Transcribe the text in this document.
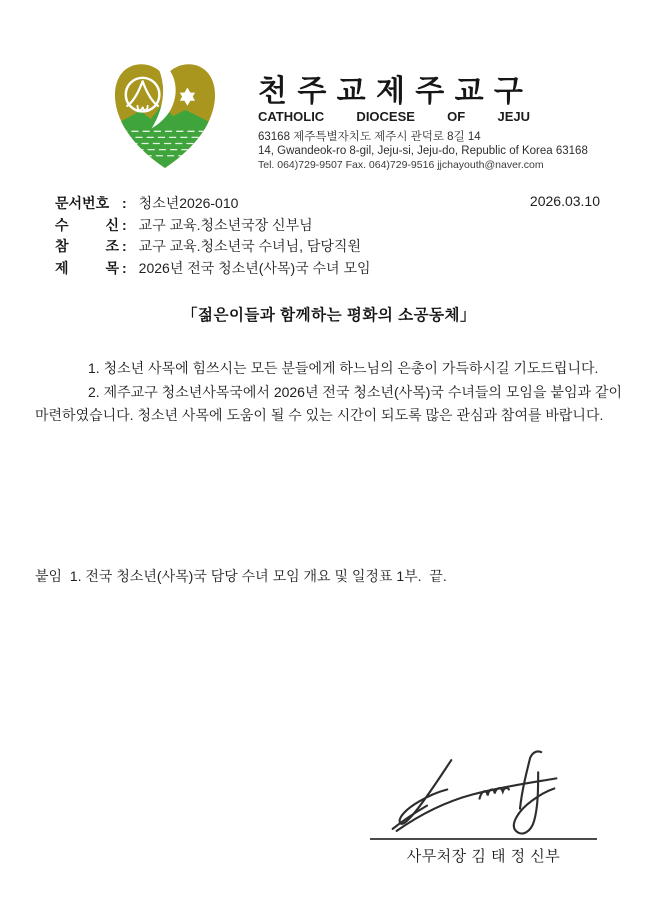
천 주 교 제 주 교 구
CATHOLIC DIOCESE OF JEJU
63168 제주특별자치도 제주시 관덕로 8길 14
14, Gwandeok-ro 8-gil, Jeju-si, Jeju-do, Republic of Korea 63168
Tel. 064)729-9507 Fax. 064)729-9516 jjchayouth@naver.com
문서번호 : 청소년2026-010	2026.03.10
수 신 : 교구 교육.청소년국장 신부님
참 조 : 교구 교육.청소년국 수녀님, 담당직원
제 목 : 2026년 전국 청소년(사목)국 수녀 모임
「젊은이들과 함께하는 평화의 소공동체」

1. 청소년 사목에 힘쓰시는 모든 분들에게 하느님의 은총이 가득하시길 기도드립니다.

2. 제주교구 청소년사목국에서 2026년 전국 청소년(사목)국 수녀들의 모임을 붙임과 같이 마련하였습니다. 청소년 사목에 도움이 될 수 있는 시간이 되도록 많은 관심과 참여를 바랍니다.

붙임  1. 전국 청소년(사목)국 담당 수녀 모임 개요 및 일정표 1부.  끝.
사무처장 김 태 정 신부
